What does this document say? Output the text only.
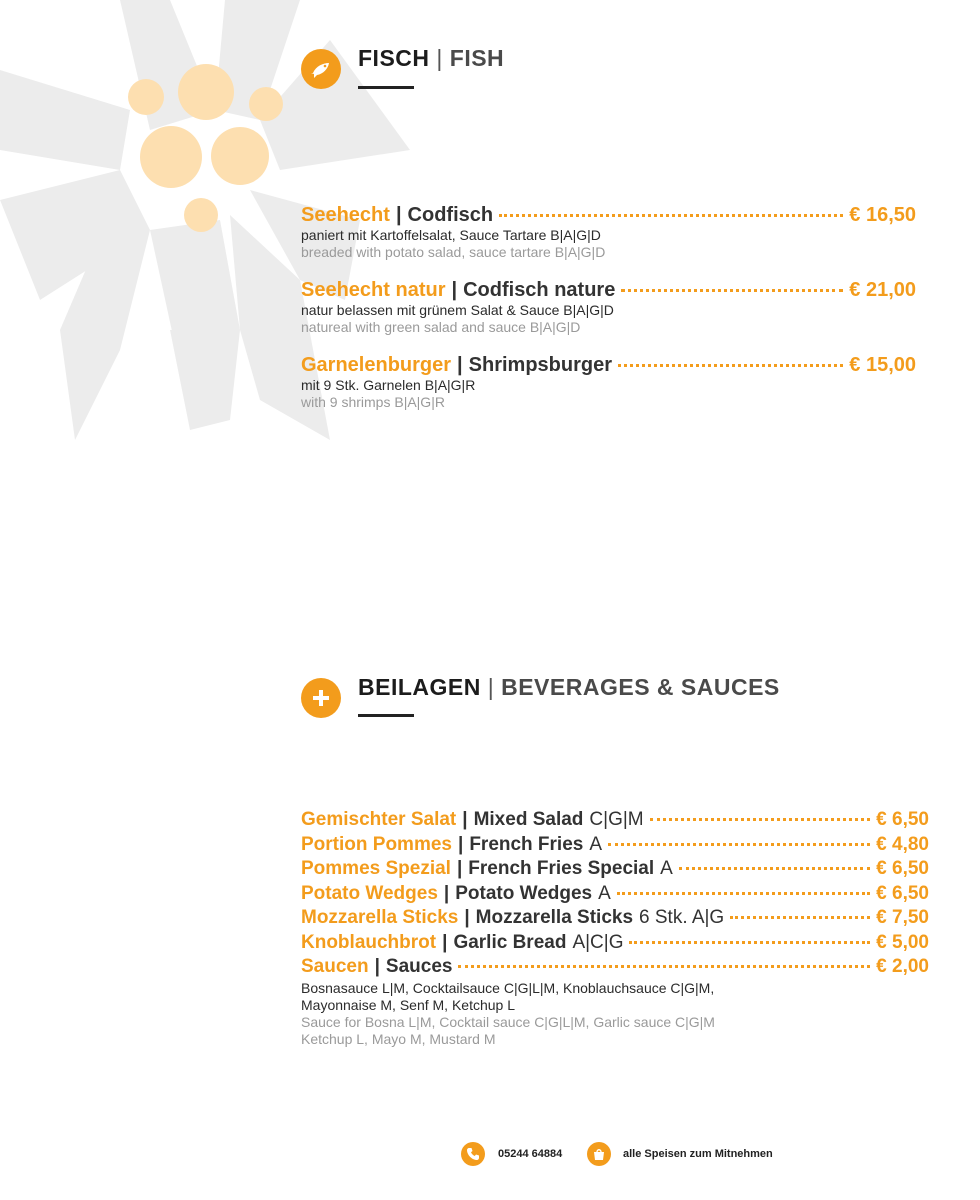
FISCH | FISH
Seehecht | Codfisch	€ 16,50
paniert mit Kartoffelsalat, Sauce Tartare B|A|G|D
breaded with potato salad, sauce tartare B|A|G|D
Seehecht natur | Codfisch nature	€ 21,00
natur belassen mit grünem Salat & Sauce B|A|G|D
natureal with green salad and sauce B|A|G|D
Garnelenburger | Shrimpsburger	€ 15,00
mit 9 Stk. Garnelen B|A|G|R
with 9 shrimps B|A|G|R
BEILAGEN | BEVERAGES & SAUCES
Gemischter Salat | Mixed Salad C|G|M	€ 6,50
Portion Pommes | French Fries A	€ 4,80
Pommes Spezial | French Fries Special A	€ 6,50
Potato Wedges | Potato Wedges A	€ 6,50
Mozzarella Sticks | Mozzarella Sticks 6 Stk. A|G	€ 7,50
Knoblauchbrot | Garlic Bread A|C|G	€ 5,00
Saucen | Sauces	€ 2,00
Bosnasauce L|M, Cocktailsauce C|G|L|M, Knoblauchsauce C|G|M,
Mayonnaise M, Senf M, Ketchup L
Sauce for Bosna L|M, Cocktail sauce C|G|L|M, Garlic sauce C|G|M
Ketchup L, Mayo M, Mustard M
05244 64884	alle Speisen zum Mitnehmen
